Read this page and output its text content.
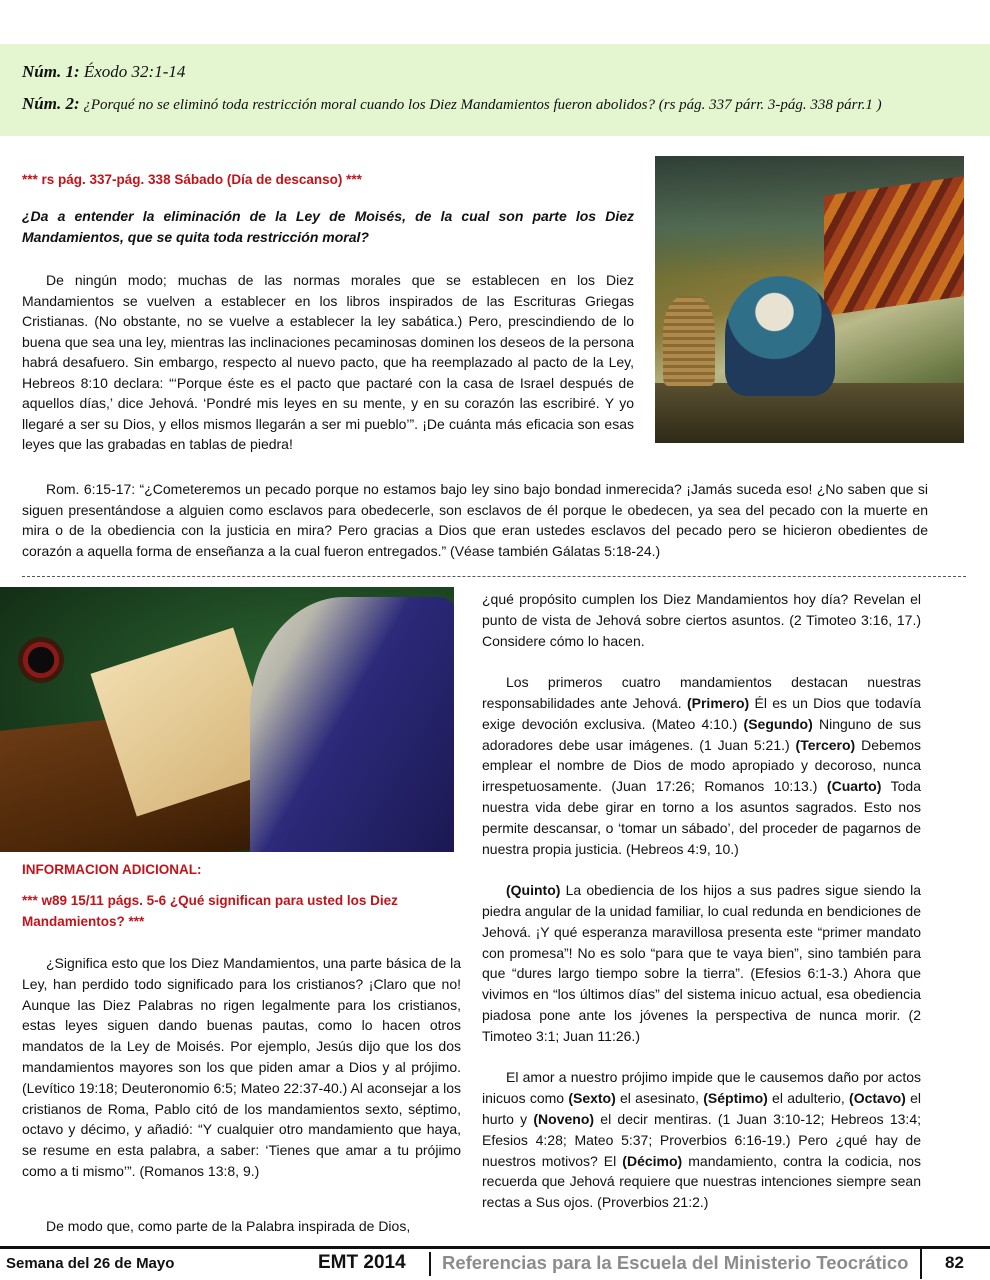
Núm. 1: Éxodo 32:1-14
Núm. 2: ¿Porqué no se eliminó toda restricción moral cuando los Diez Mandamientos fueron abolidos? (rs pág. 337 párr. 3-pág. 338 párr.1 )
*** rs pág. 337-pág. 338 Sábado (Día de descanso) ***
¿Da a entender la eliminación de la Ley de Moisés, de la cual son parte los Diez Mandamientos, que se quita toda restricción moral?
De ningún modo; muchas de las normas morales que se establecen en los Diez Mandamientos se vuelven a establecer en los libros inspirados de las Escrituras Griegas Cristianas. (No obstante, no se vuelve a establecer la ley sabática.) Pero, prescindiendo de lo buena que sea una ley, mientras las inclinaciones pecaminosas dominen los deseos de la persona habrá desafuero. Sin embargo, respecto al nuevo pacto, que ha reemplazado al pacto de la Ley, Hebreos 8:10 declara: “‘Porque éste es el pacto que pactaré con la casa de Israel después de aquellos días,’ dice Jehová. ‘Pondré mis leyes en su mente, y en su corazón las escribiré. Y yo llegaré a ser su Dios, y ellos mismos llegarán a ser mi pueblo’”. ¡De cuánta más eficacia son esas leyes que las grabadas en tablas de piedra!
Rom. 6:15-17: “¿Cometeremos un pecado porque no estamos bajo ley sino bajo bondad inmerecida? ¡Jamás suceda eso! ¿No saben que si siguen presentándose a alguien como esclavos para obedecerle, son esclavos de él porque le obedecen, ya sea del pecado con la muerte en mira o de la obediencia con la justicia en mira? Pero gracias a Dios que eran ustedes esclavos del pecado pero se hicieron obedientes de corazón a aquella forma de enseñanza a la cual fueron entregados.” (Véase también Gálatas 5:18-24.)
INFORMACION ADICIONAL:
*** w89 15/11 págs. 5-6 ¿Qué significan para usted los Diez Mandamientos? ***
¿Significa esto que los Diez Mandamientos, una parte básica de la Ley, han perdido todo significado para los cristianos? ¡Claro que no! Aunque las Diez Palabras no rigen legalmente para los cristianos, estas leyes siguen dando buenas pautas, como lo hacen otros mandatos de la Ley de Moisés. Por ejemplo, Jesús dijo que los dos mandamientos mayores son los que piden amar a Dios y al prójimo. (Levítico 19:18; Deuteronomio 6:5; Mateo 22:37-40.) Al aconsejar a los cristianos de Roma, Pablo citó de los mandamientos sexto, séptimo, octavo y décimo, y añadió: “Y cualquier otro mandamiento que haya, se resume en esta palabra, a saber: ‘Tienes que amar a tu prójimo como a ti mismo’”. (Romanos 13:8, 9.)
De modo que, como parte de la Palabra inspirada de Dios,

¿qué propósito cumplen los Diez Mandamientos hoy día? Revelan el punto de vista de Jehová sobre ciertos asuntos. (2 Timoteo 3:16, 17.) Considere cómo lo hacen.

Los primeros cuatro mandamientos destacan nuestras responsabilidades ante Jehová. (Primero) Él es un Dios que todavía exige devoción exclusiva. (Mateo 4:10.) (Segundo) Ninguno de sus adoradores debe usar imágenes. (1 Juan 5:21.) (Tercero) Debemos emplear el nombre de Dios de modo apropiado y decoroso, nunca irrespetuosamente. (Juan 17:26; Romanos 10:13.) (Cuarto) Toda nuestra vida debe girar en torno a los asuntos sagrados. Esto nos permite descansar, o ‘tomar un sábado’, del proceder de pagarnos de nuestra propia justicia. (Hebreos 4:9, 10.)

(Quinto) La obediencia de los hijos a sus padres sigue siendo la piedra angular de la unidad familiar, lo cual redunda en bendiciones de Jehová. ¡Y qué esperanza maravillosa presenta este “primer mandato con promesa”! No es solo “para que te vaya bien”, sino también para que “dures largo tiempo sobre la tierra”. (Efesios 6:1-3.) Ahora que vivimos en “los últimos días” del sistema inicuo actual, esa obediencia piadosa pone ante los jóvenes la perspectiva de nunca morir. (2 Timoteo 3:1; Juan 11:26.)

El amor a nuestro prójimo impide que le causemos daño por actos inicuos como (Sexto) el asesinato, (Séptimo) el adulterio, (Octavo) el hurto y (Noveno) el decir mentiras. (1 Juan 3:10-12; Hebreos 13:4; Efesios 4:28; Mateo 5:37; Proverbios 6:16-19.) Pero ¿qué hay de nuestros motivos? El (Décimo) mandamiento, contra la codicia, nos recuerda que Jehová requiere que nuestras intenciones siempre sean rectas a Sus ojos. (Proverbios 21:2.)

Semana del 26 de Mayo	EMT 2014 Referencias para la Escuela del Ministerio Teocrático 82
